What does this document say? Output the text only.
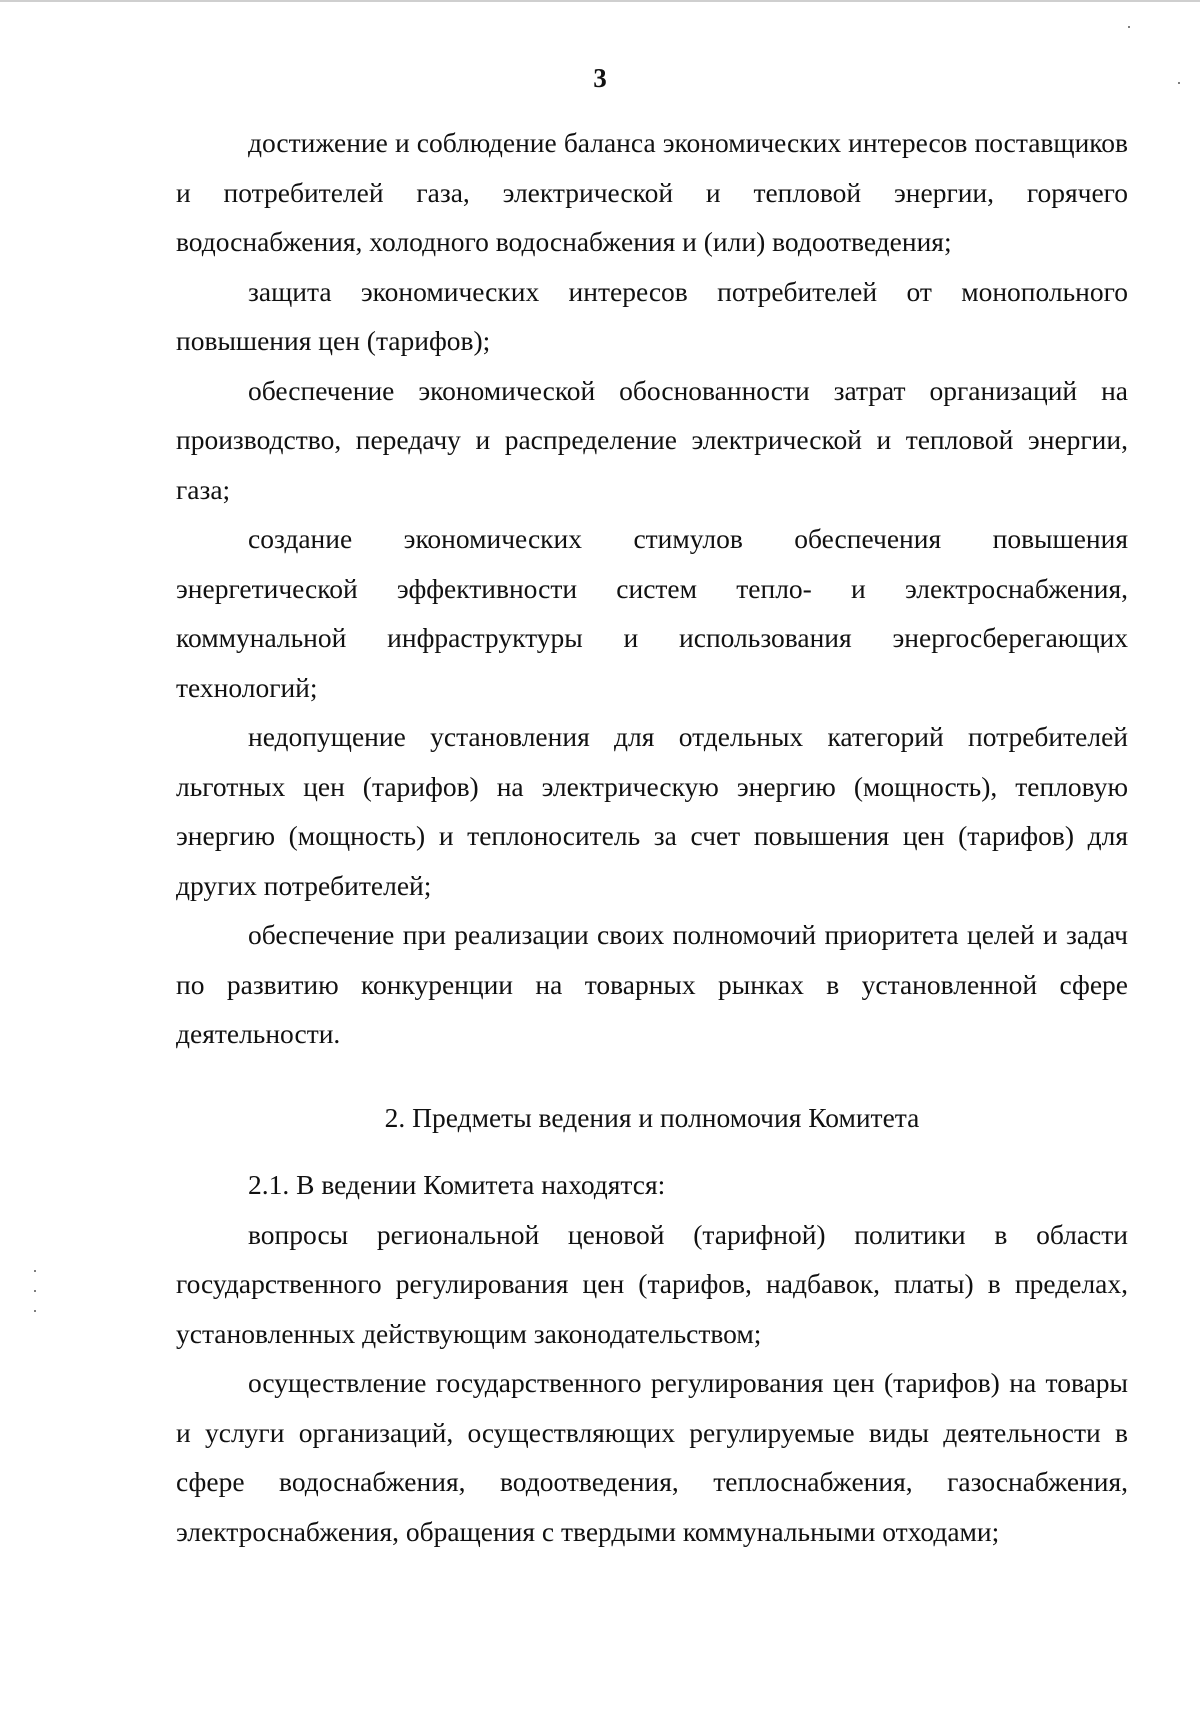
3

достижение и соблюдение баланса экономических интересов поставщиков и потребителей газа, электрической и тепловой энергии, горячего водоснабжения, холодного водоснабжения и (или) водоотведения;

защита экономических интересов потребителей от монопольного повышения цен (тарифов);

обеспечение экономической обоснованности затрат организаций на производство, передачу и распределение электрической и тепловой энергии, газа;

создание экономических стимулов обеспечения повышения энергетической эффективности систем тепло- и электроснабжения, коммунальной инфраструктуры и использования энергосберегающих технологий;

недопущение установления для отдельных категорий потребителей льготных цен (тарифов) на электрическую энергию (мощность), тепловую энергию (мощность) и теплоноситель за счет повышения цен (тарифов) для других потребителей;

обеспечение при реализации своих полномочий приоритета целей и задач по развитию конкуренции на товарных рынках в установленной сфере деятельности.

2. Предметы ведения и полномочия Комитета

2.1. В ведении Комитета находятся:

вопросы региональной ценовой (тарифной) политики в области государственного регулирования цен (тарифов, надбавок, платы) в пределах, установленных действующим законодательством;

осуществление государственного регулирования цен (тарифов) на товары и услуги организаций, осуществляющих регулируемые виды деятельности в сфере водоснабжения, водоотведения, теплоснабжения, газоснабжения, электроснабжения, обращения с твердыми коммунальными отходами;
